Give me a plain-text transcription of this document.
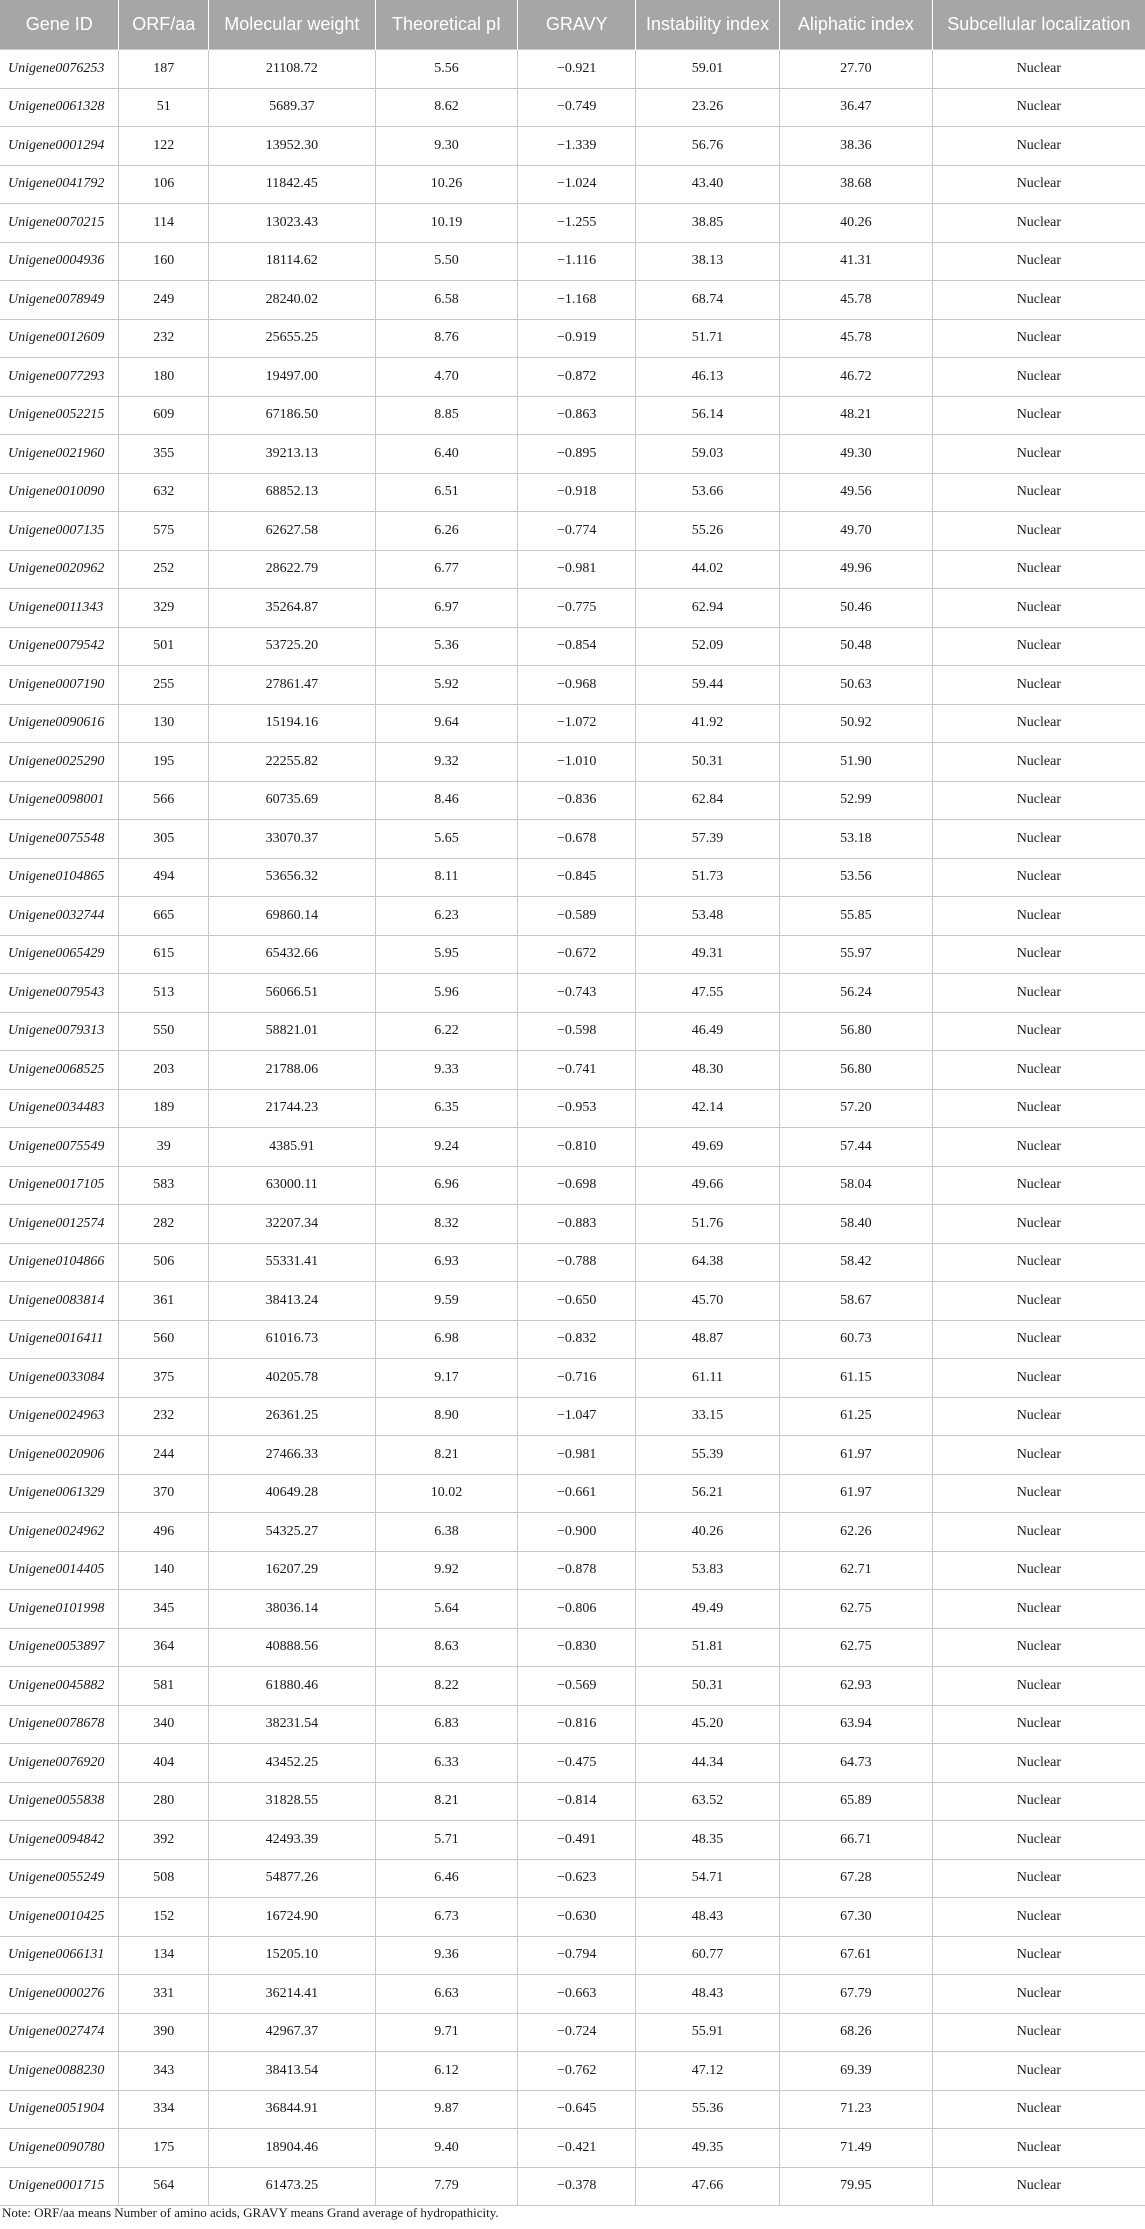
Gene ID	ORF/aa	Molecular weight	Theoretical pI	GRAVY	Instability index	Aliphatic index	Subcellular localization
Unigene0076253	187	21108.72	5.56	−0.921	59.01	27.70	Nuclear
Unigene0061328	51	5689.37	8.62	−0.749	23.26	36.47	Nuclear
Unigene0001294	122	13952.30	9.30	−1.339	56.76	38.36	Nuclear
Unigene0041792	106	11842.45	10.26	−1.024	43.40	38.68	Nuclear
Unigene0070215	114	13023.43	10.19	−1.255	38.85	40.26	Nuclear
Unigene0004936	160	18114.62	5.50	−1.116	38.13	41.31	Nuclear
Unigene0078949	249	28240.02	6.58	−1.168	68.74	45.78	Nuclear
Unigene0012609	232	25655.25	8.76	−0.919	51.71	45.78	Nuclear
Unigene0077293	180	19497.00	4.70	−0.872	46.13	46.72	Nuclear
Unigene0052215	609	67186.50	8.85	−0.863	56.14	48.21	Nuclear
Unigene0021960	355	39213.13	6.40	−0.895	59.03	49.30	Nuclear
Unigene0010090	632	68852.13	6.51	−0.918	53.66	49.56	Nuclear
Unigene0007135	575	62627.58	6.26	−0.774	55.26	49.70	Nuclear
Unigene0020962	252	28622.79	6.77	−0.981	44.02	49.96	Nuclear
Unigene0011343	329	35264.87	6.97	−0.775	62.94	50.46	Nuclear
Unigene0079542	501	53725.20	5.36	−0.854	52.09	50.48	Nuclear
Unigene0007190	255	27861.47	5.92	−0.968	59.44	50.63	Nuclear
Unigene0090616	130	15194.16	9.64	−1.072	41.92	50.92	Nuclear
Unigene0025290	195	22255.82	9.32	−1.010	50.31	51.90	Nuclear
Unigene0098001	566	60735.69	8.46	−0.836	62.84	52.99	Nuclear
Unigene0075548	305	33070.37	5.65	−0.678	57.39	53.18	Nuclear
Unigene0104865	494	53656.32	8.11	−0.845	51.73	53.56	Nuclear
Unigene0032744	665	69860.14	6.23	−0.589	53.48	55.85	Nuclear
Unigene0065429	615	65432.66	5.95	−0.672	49.31	55.97	Nuclear
Unigene0079543	513	56066.51	5.96	−0.743	47.55	56.24	Nuclear
Unigene0079313	550	58821.01	6.22	−0.598	46.49	56.80	Nuclear
Unigene0068525	203	21788.06	9.33	−0.741	48.30	56.80	Nuclear
Unigene0034483	189	21744.23	6.35	−0.953	42.14	57.20	Nuclear
Unigene0075549	39	4385.91	9.24	−0.810	49.69	57.44	Nuclear
Unigene0017105	583	63000.11	6.96	−0.698	49.66	58.04	Nuclear
Unigene0012574	282	32207.34	8.32	−0.883	51.76	58.40	Nuclear
Unigene0104866	506	55331.41	6.93	−0.788	64.38	58.42	Nuclear
Unigene0083814	361	38413.24	9.59	−0.650	45.70	58.67	Nuclear
Unigene0016411	560	61016.73	6.98	−0.832	48.87	60.73	Nuclear
Unigene0033084	375	40205.78	9.17	−0.716	61.11	61.15	Nuclear
Unigene0024963	232	26361.25	8.90	−1.047	33.15	61.25	Nuclear
Unigene0020906	244	27466.33	8.21	−0.981	55.39	61.97	Nuclear
Unigene0061329	370	40649.28	10.02	−0.661	56.21	61.97	Nuclear
Unigene0024962	496	54325.27	6.38	−0.900	40.26	62.26	Nuclear
Unigene0014405	140	16207.29	9.92	−0.878	53.83	62.71	Nuclear
Unigene0101998	345	38036.14	5.64	−0.806	49.49	62.75	Nuclear
Unigene0053897	364	40888.56	8.63	−0.830	51.81	62.75	Nuclear
Unigene0045882	581	61880.46	8.22	−0.569	50.31	62.93	Nuclear
Unigene0078678	340	38231.54	6.83	−0.816	45.20	63.94	Nuclear
Unigene0076920	404	43452.25	6.33	−0.475	44.34	64.73	Nuclear
Unigene0055838	280	31828.55	8.21	−0.814	63.52	65.89	Nuclear
Unigene0094842	392	42493.39	5.71	−0.491	48.35	66.71	Nuclear
Unigene0055249	508	54877.26	6.46	−0.623	54.71	67.28	Nuclear
Unigene0010425	152	16724.90	6.73	−0.630	48.43	67.30	Nuclear
Unigene0066131	134	15205.10	9.36	−0.794	60.77	67.61	Nuclear
Unigene0000276	331	36214.41	6.63	−0.663	48.43	67.79	Nuclear
Unigene0027474	390	42967.37	9.71	−0.724	55.91	68.26	Nuclear
Unigene0088230	343	38413.54	6.12	−0.762	47.12	69.39	Nuclear
Unigene0051904	334	36844.91	9.87	−0.645	55.36	71.23	Nuclear
Unigene0090780	175	18904.46	9.40	−0.421	49.35	71.49	Nuclear
Unigene0001715	564	61473.25	7.79	−0.378	47.66	79.95	Nuclear
Note: ORF/aa means Number of amino acids, GRAVY means Grand average of hydropathicity.
